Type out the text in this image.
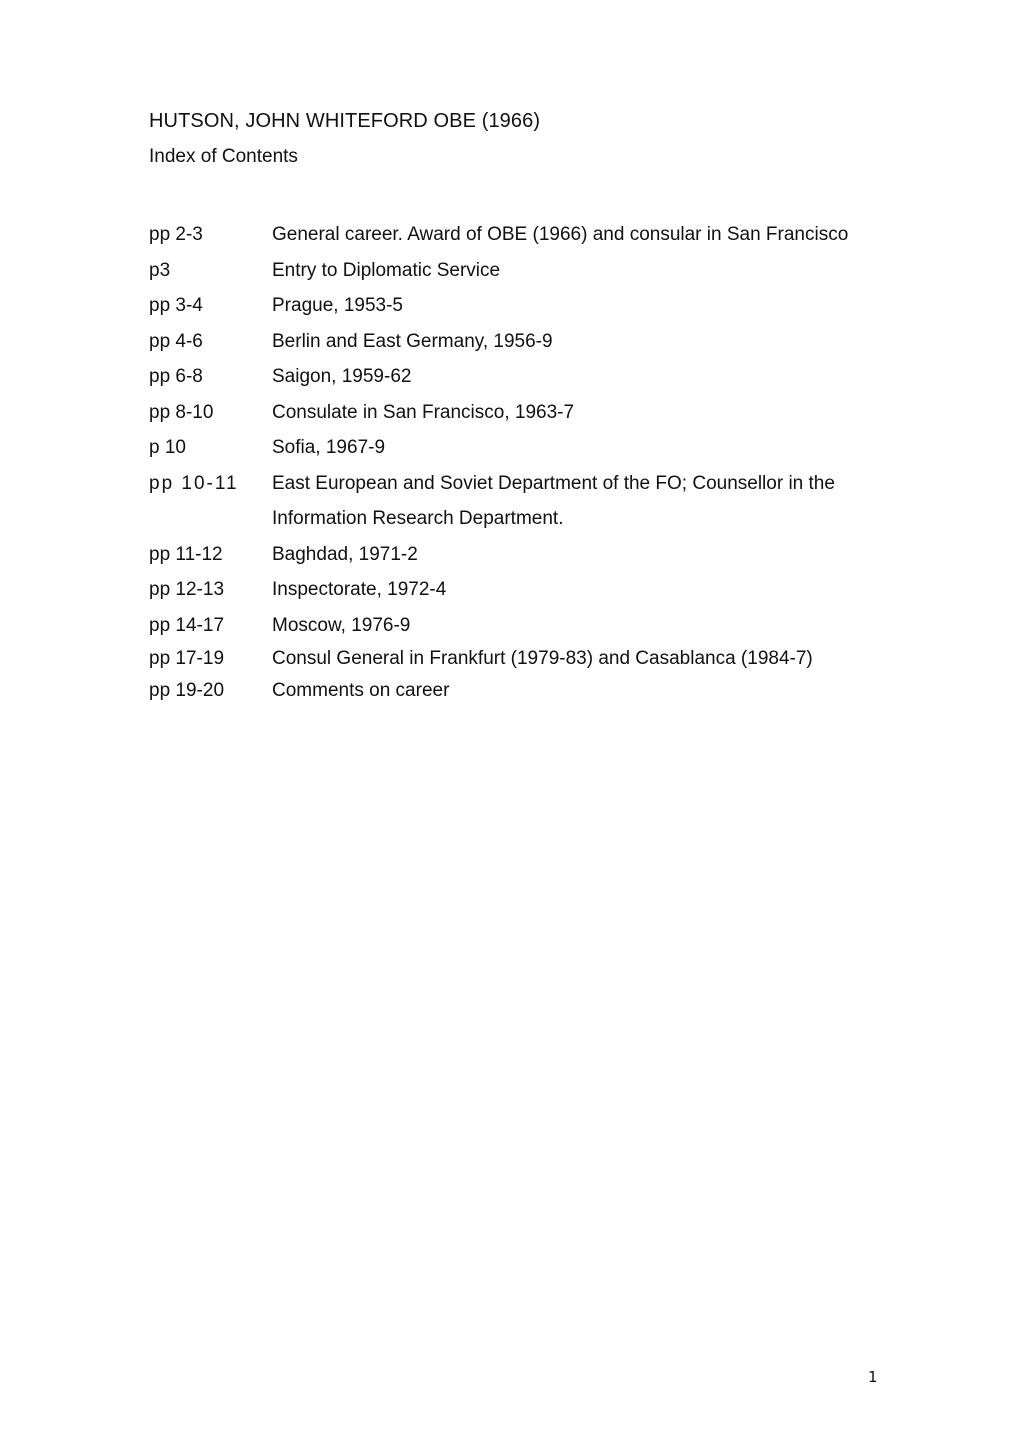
HUTSON, JOHN WHITEFORD OBE (1966)
Index of Contents
pp 2-3	General career. Award of OBE (1966) and consular in San Francisco
p3	Entry to Diplomatic Service
pp 3-4	Prague, 1953-5
pp 4-6	Berlin and East Germany, 1956-9
pp 6-8	Saigon, 1959-62
pp 8-10	Consulate in San Francisco, 1963-7
p 10	Sofia, 1967-9
pp 10-11	East European and Soviet Department of the FO; Counsellor in the
Information Research Department.
pp 11-12	Baghdad, 1971-2
pp 12-13	Inspectorate, 1972-4
pp 14-17	Moscow, 1976-9
pp 17-19	Consul General in Frankfurt (1979-83) and Casablanca (1984-7)
pp 19-20	Comments on career
1
